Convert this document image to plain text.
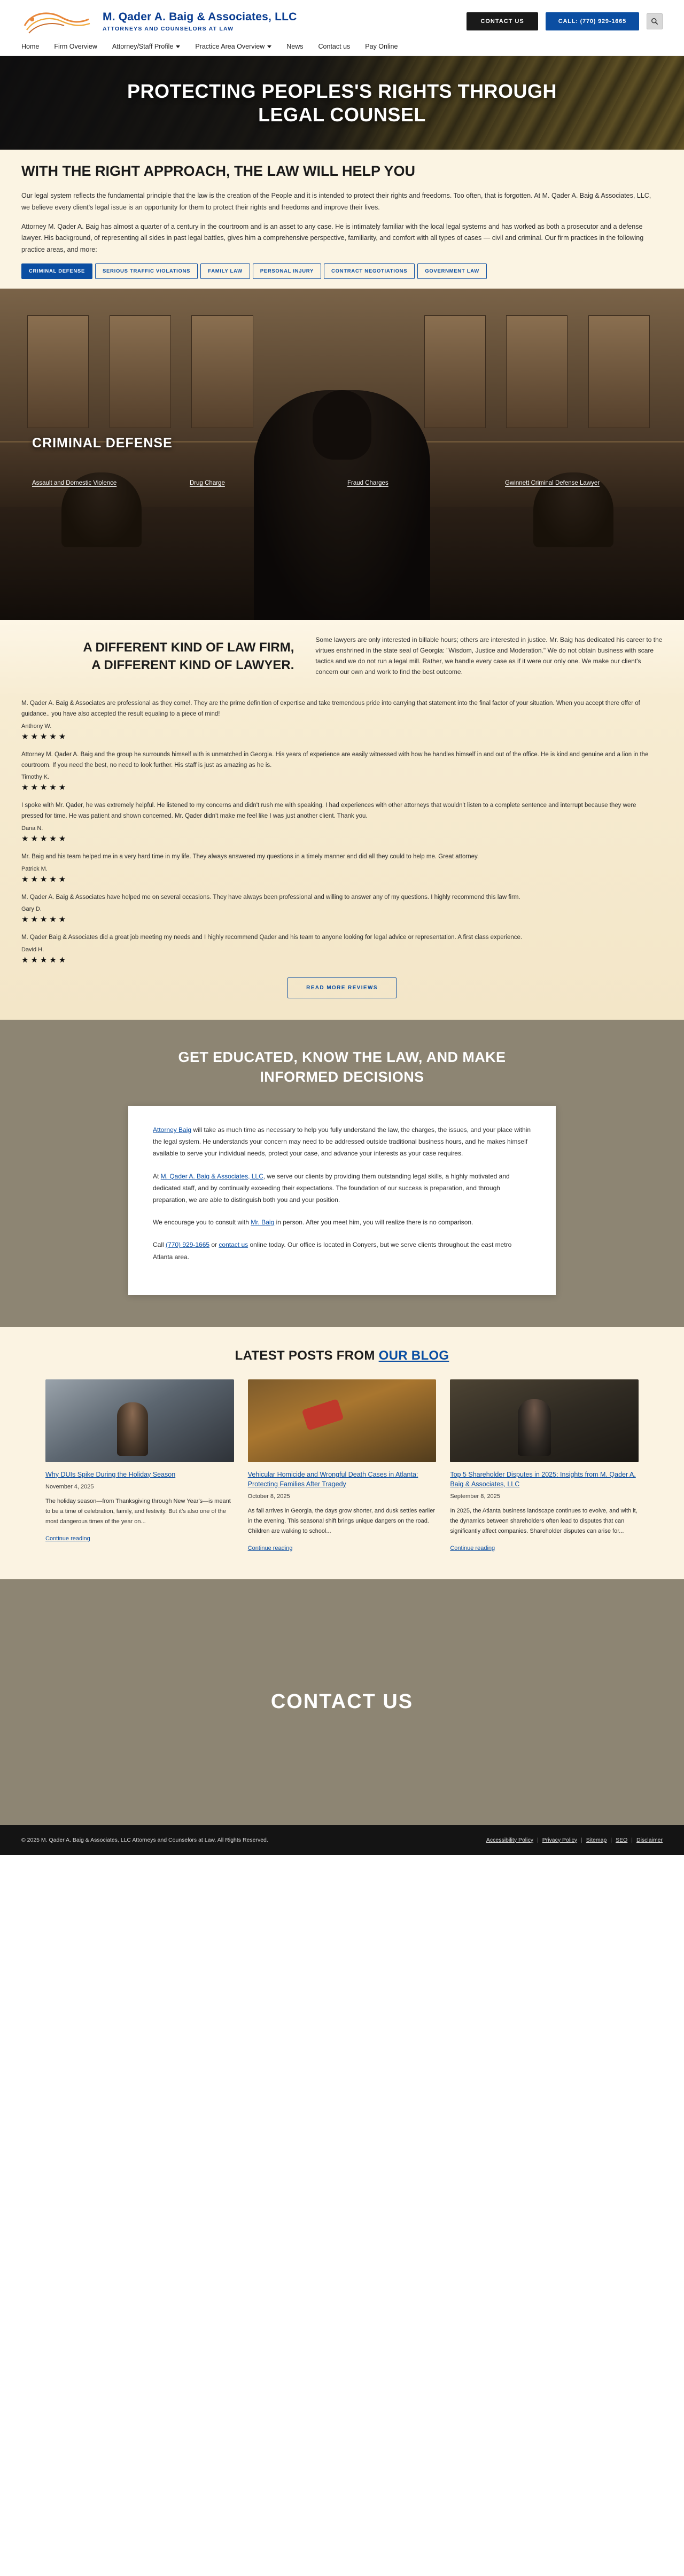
M. Qader A. Baig & Associates, LLC
ATTORNEYS AND COUNSELORS AT LAW
CONTACT US	CALL: (770) 929-1665
Home Firm Overview Attorney/Staff Profile	Practice Area Overview	News Contact us Pay Online
PROTECTING PEOPLES'S RIGHTS THROUGH LEGAL COUNSEL
WITH THE RIGHT APPROACH, THE LAW WILL HELP YOU

Our legal system reflects the fundamental principle that the law is the creation of the People and it is intended to protect their rights and freedoms. Too often, that is forgotten. At M. Qader A. Baig & Associates, LLC, we believe every client's legal issue is an opportunity for them to protect their rights and freedoms and improve their lives.

Attorney M. Qader A. Baig has almost a quarter of a century in the courtroom and is an asset to any case. He is intimately familiar with the local legal systems and has worked as both a prosecutor and a defense lawyer. His background, of representing all sides in past legal battles, gives him a comprehensive perspective, familiarity, and comfort with all types of cases — civil and criminal. Our firm practices in the following practice areas, and more:

CRIMINAL DEFENSE	SERIOUS TRAFFIC VIOLATIONS	FAMILY LAW	PERSONAL INJURY	CONTRACT NEGOTIATIONS	GOVERNMENT LAW
CRIMINAL DEFENSE
Assault and Domestic Violence	Drug Charge	Fraud Charges	Gwinnett Criminal Defense Lawyer
A DIFFERENT KIND OF LAW FIRM,
A DIFFERENT KIND OF LAWYER.

Some lawyers are only interested in billable hours; others are interested in justice. Mr. Baig has dedicated his career to the virtues enshrined in the state seal of Georgia: "Wisdom, Justice and Moderation." We do not obtain business with scare tactics and we do not run a legal mill. Rather, we handle every case as if it were our only one. We make our client's concern our own and work to find the best outcome.

M. Qader A. Baig & Associates are professional as they come!. They are the prime definition of expertise and take tremendous pride into carrying that statement into the final factor of your situation. When you accept there offer of guidance.. you have also accepted the result equaling to a piece of mind!
Anthony W.
★★★★★
Attorney M. Qader A. Baig and the group he surrounds himself with is unmatched in Georgia. His years of experience are easily witnessed with how he handles himself in and out of the office. He is kind and genuine and a lion in the courtroom. If you need the best, no need to look further. His staff is just as amazing as he is.
Timothy K.
★★★★★
I spoke with Mr. Qader, he was extremely helpful. He listened to my concerns and didn't rush me with speaking. I had experiences with other attorneys that wouldn't listen to a complete sentence and interrupt because they were pressed for time. He was patient and shown concerned. Mr. Qader didn't make me feel like I was just another client. Thank you.
Dana N.
★★★★★
Mr. Baig and his team helped me in a very hard time in my life. They always answered my questions in a timely manner and did all they could to help me. Great attorney.
Patrick M.
★★★★★
M. Qader A. Baig & Associates have helped me on several occasions. They have always been professional and willing to answer any of my questions. I highly recommend this law firm.
Gary D.
★★★★★
M. Qader Baig & Associates did a great job meeting my needs and I highly recommend Qader and his team to anyone looking for legal advice or representation. A first class experience.
David H.
★★★★★
READ MORE REVIEWS
GET EDUCATED, KNOW THE LAW, AND MAKE INFORMED DECISIONS

Attorney Baig will take as much time as necessary to help you fully understand the law, the charges, the issues, and your place within the legal system. He understands your concern may need to be addressed outside traditional business hours, and he makes himself available to serve your individual needs, protect your case, and advance your interests as your case requires.

At M. Qader A. Baig & Associates, LLC, we serve our clients by providing them outstanding legal skills, a highly motivated and dedicated staff, and by continually exceeding their expectations. The foundation of our success is preparation, and through preparation, we are able to distinguish both you and your position.

We encourage you to consult with Mr. Baig in person. After you meet him, you will realize there is no comparison.

Call (770) 929-1665 or contact us online today. Our office is located in Conyers, but we serve clients throughout the east metro Atlanta area.

LATEST POSTS FROM OUR BLOG
Why DUIs Spike During the Holiday Season
November 4, 2025
The holiday season—from Thanksgiving through New Year's—is meant to be a time of celebration, family, and festivity. But it's also one of the most dangerous times of the year on...
Continue reading
Vehicular Homicide and Wrongful Death Cases in Atlanta: Protecting Families After Tragedy
October 8, 2025
As fall arrives in Georgia, the days grow shorter, and dusk settles earlier in the evening. This seasonal shift brings unique dangers on the road. Children are walking to school...
Continue reading
Top 5 Shareholder Disputes in 2025: Insights from M. Qader A. Baig & Associates, LLC
September 8, 2025
In 2025, the Atlanta business landscape continues to evolve, and with it, the dynamics between shareholders often lead to disputes that can significantly affect companies. Shareholder disputes can arise for...
Continue reading
CONTACT US
© 2025 M. Qader A. Baig & Associates, LLC Attorneys and Counselors at Law. All Rights Reserved.	Accessibility Policy | Privacy Policy | Sitemap | SEO | Disclaimer
